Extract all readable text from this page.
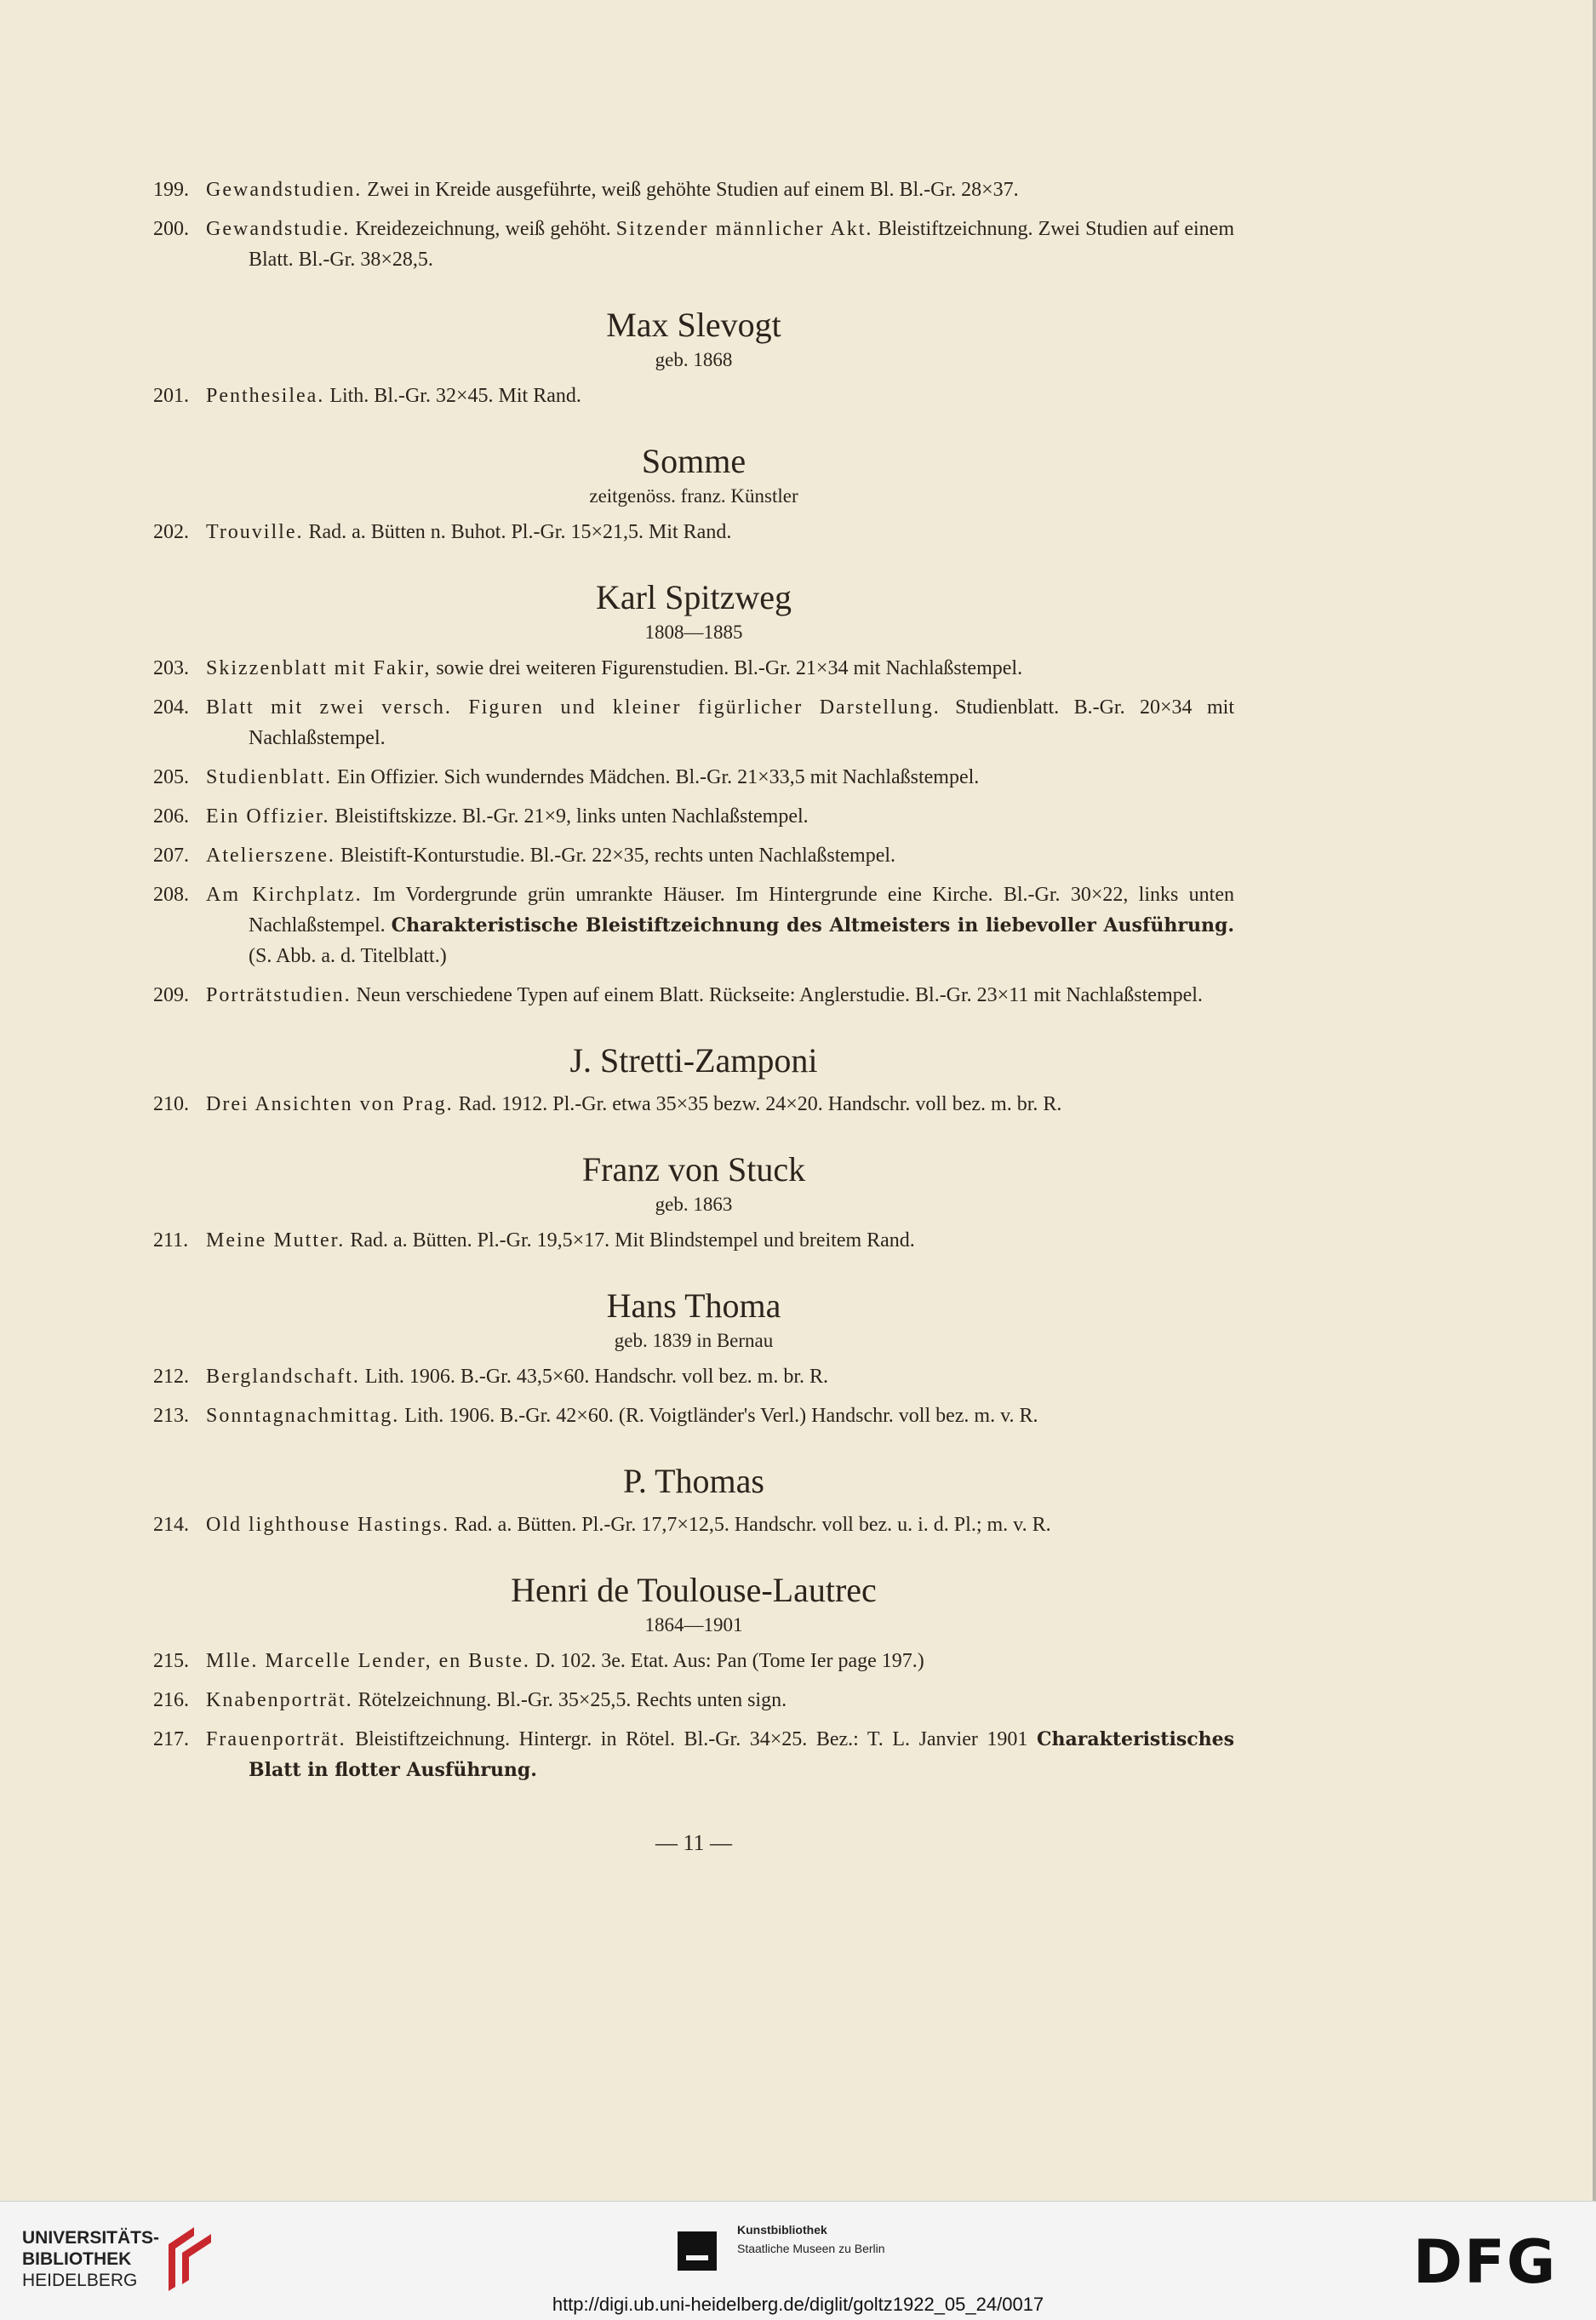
199. Gewandstudien. Zwei in Kreide ausgeführte, weiß gehöhte Studien auf einem Bl. Bl.-Gr. 28×37.

200. Gewandstudie. Kreidezeichnung, weiß gehöht. Sitzender männlicher Akt. Bleistiftzeichnung. Zwei Studien auf einem Blatt. Bl.-Gr. 38×28,5.

Max Slevogt
geb. 1868

201. Penthesilea. Lith. Bl.-Gr. 32×45. Mit Rand.

Somme
zeitgenöss. franz. Künstler

202. Trouville. Rad. a. Bütten n. Buhot. Pl.-Gr. 15×21,5. Mit Rand.

Karl Spitzweg
1808—1885

203. Skizzenblatt mit Fakir, sowie drei weiteren Figurenstudien. Bl.-Gr. 21×34 mit Nachlaßstempel.

204. Blatt mit zwei versch. Figuren und kleiner figürlicher Darstellung. Studienblatt. B.-Gr. 20×34 mit Nachlaßstempel.

205. Studienblatt. Ein Offizier. Sich wunderndes Mädchen. Bl.-Gr. 21×33,5 mit Nachlaßstempel.

206. Ein Offizier. Bleistiftskizze. Bl.-Gr. 21×9, links unten Nachlaßstempel.

207. Atelierszene. Bleistift-Konturstudie. Bl.-Gr. 22×35, rechts unten Nachlaßstempel.

208. Am Kirchplatz. Im Vordergrunde grün umrankte Häuser. Im Hintergrunde eine Kirche. Bl.-Gr. 30×22, links unten Nachlaßstempel. Charakteristische Bleistiftzeichnung des Altmeisters in liebevoller Ausführung. (S. Abb. a. d. Titelblatt.)

209. Porträtstudien. Neun verschiedene Typen auf einem Blatt. Rückseite: Anglerstudie. Bl.-Gr. 23×11 mit Nachlaßstempel.

J. Stretti-Zamponi

210. Drei Ansichten von Prag. Rad. 1912. Pl.-Gr. etwa 35×35 bezw. 24×20. Handschr. voll bez. m. br. R.

Franz von Stuck
geb. 1863

211. Meine Mutter. Rad. a. Bütten. Pl.-Gr. 19,5×17. Mit Blindstempel und breitem Rand.

Hans Thoma
geb. 1839 in Bernau

212. Berglandschaft. Lith. 1906. B.-Gr. 43,5×60. Handschr. voll bez. m. br. R.

213. Sonntagnachmittag. Lith. 1906. B.-Gr. 42×60. (R. Voigtländer's Verl.) Handschr. voll bez. m. v. R.

P. Thomas

214. Old lighthouse Hastings. Rad. a. Bütten. Pl.-Gr. 17,7×12,5. Handschr. voll bez. u. i. d. Pl.; m. v. R.

Henri de Toulouse-Lautrec
1864—1901

215. Mlle. Marcelle Lender, en Buste. D. 102. 3e. Etat. Aus: Pan (Tome Ier page 197.)

216. Knabenporträt. Rötelzeichnung. Bl.-Gr. 35×25,5. Rechts unten sign.

217. Frauenporträt. Bleistiftzeichnung. Hintergr. in Rötel. Bl.-Gr. 34×25. Bez.: T. L. Janvier 1901 Charakteristisches Blatt in flotter Ausführung.

— 11 —
UNIVERSITÄTS-
BIBLIOTHEK
HEIDELBERG
Kunstbibliothek
Staatliche Museen zu Berlin	DFG
http://digi.ub.uni-heidelberg.de/diglit/goltz1922_05_24/0017
